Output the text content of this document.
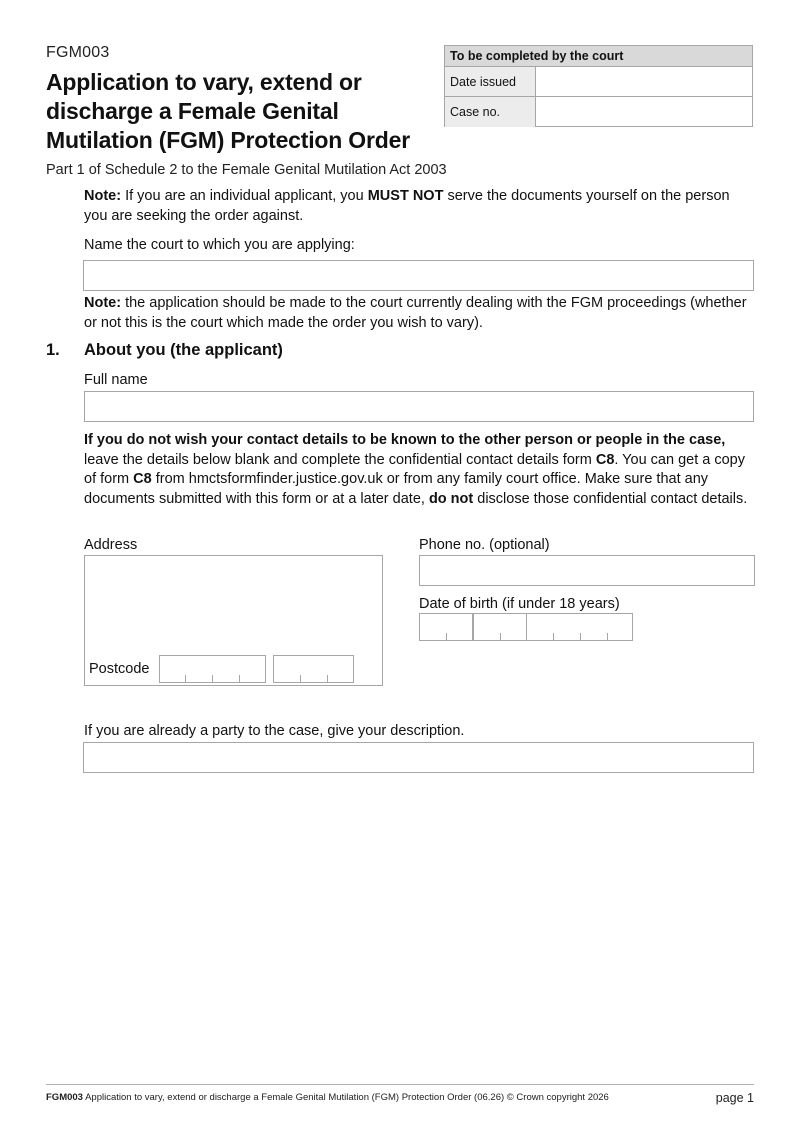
FGM003
Application to vary, extend or discharge a Female Genital Mutilation (FGM) Protection Order
Part 1 of Schedule 2 to the Female Genital Mutilation Act 2003
To be completed by the court
Date issued
Case no.
Note: If you are an individual applicant, you MUST NOT serve the documents yourself on the person you are seeking the order against.
Name the court to which you are applying:
Note: the application should be made to the court currently dealing with the FGM proceedings (whether or not this is the court which made the order you wish to vary).
1. About you (the applicant)
Full name
If you do not wish your contact details to be known to the other person or people in the case, leave the details below blank and complete the confidential contact details form C8. You can get a copy of form C8 from hmctsformfinder.justice.gov.uk or from any family court office. Make sure that any documents submitted with this form or at a later date, do not disclose those confidential contact details.
Address
Postcode
Phone no. (optional)
Date of birth (if under 18 years)
If you are already a party to the case, give your description.
FGM003 Application to vary, extend or discharge a Female Genital Mutilation (FGM) Protection Order (06.26) © Crown copyright 2026	page 1
